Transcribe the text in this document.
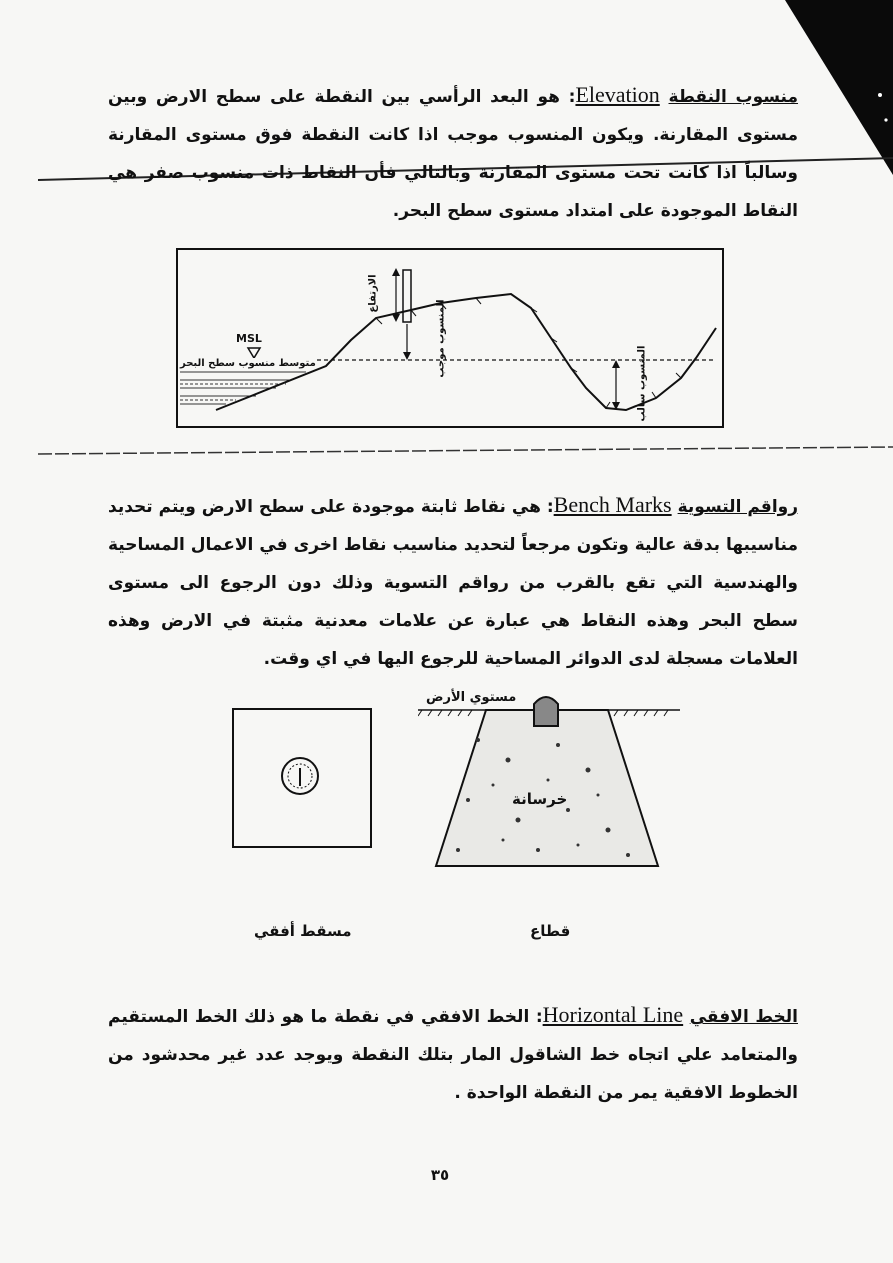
منسوب النقطة Elevation: هو البعد الرأسي بين النقطة على سطح الارض وبين مستوى المقارنة. ويكون المنسوب موجب اذا كانت النقطة فوق مستوى المقارنة وسالباً اذا كانت تحت مستوى المقارنة وبالتالي فأن النقاط ذات منسوب صفر هي النقاط الموجودة على امتداد مستوى سطح البحر.

MSL
متوسط منسوب سطح البحر
الارتفاع
المنسوب موجب
المنسوب سالب

رواقم التسوية Bench Marks: هي نقاط ثابتة موجودة على سطح الارض ويتم تحديد مناسيبها بدقة عالية وتكون مرجعاً لتحديد مناسيب نقاط اخرى في الاعمال المساحية والهندسية التي تقع بالقرب من رواقم التسوية وذلك دون الرجوع الى مستوى سطح البحر وهذه النقاط هي عبارة عن علامات معدنية مثبتة في الارض وهذه العلامات مسجلة لدى الدوائر المساحية للرجوع اليها في اي وقت.

مستوي الأرض
خرسانة
مسقط أفقي	قطاع

الخط الافقي Horizontal Line: الخط الافقي في نقطة ما هو ذلك الخط المستقيم والمتعامد علي اتجاه خط الشاقول المار بتلك النقطة ويوجد عدد غير محدشود من الخطوط الافقية يمر من النقطة الواحدة .

٣٥
